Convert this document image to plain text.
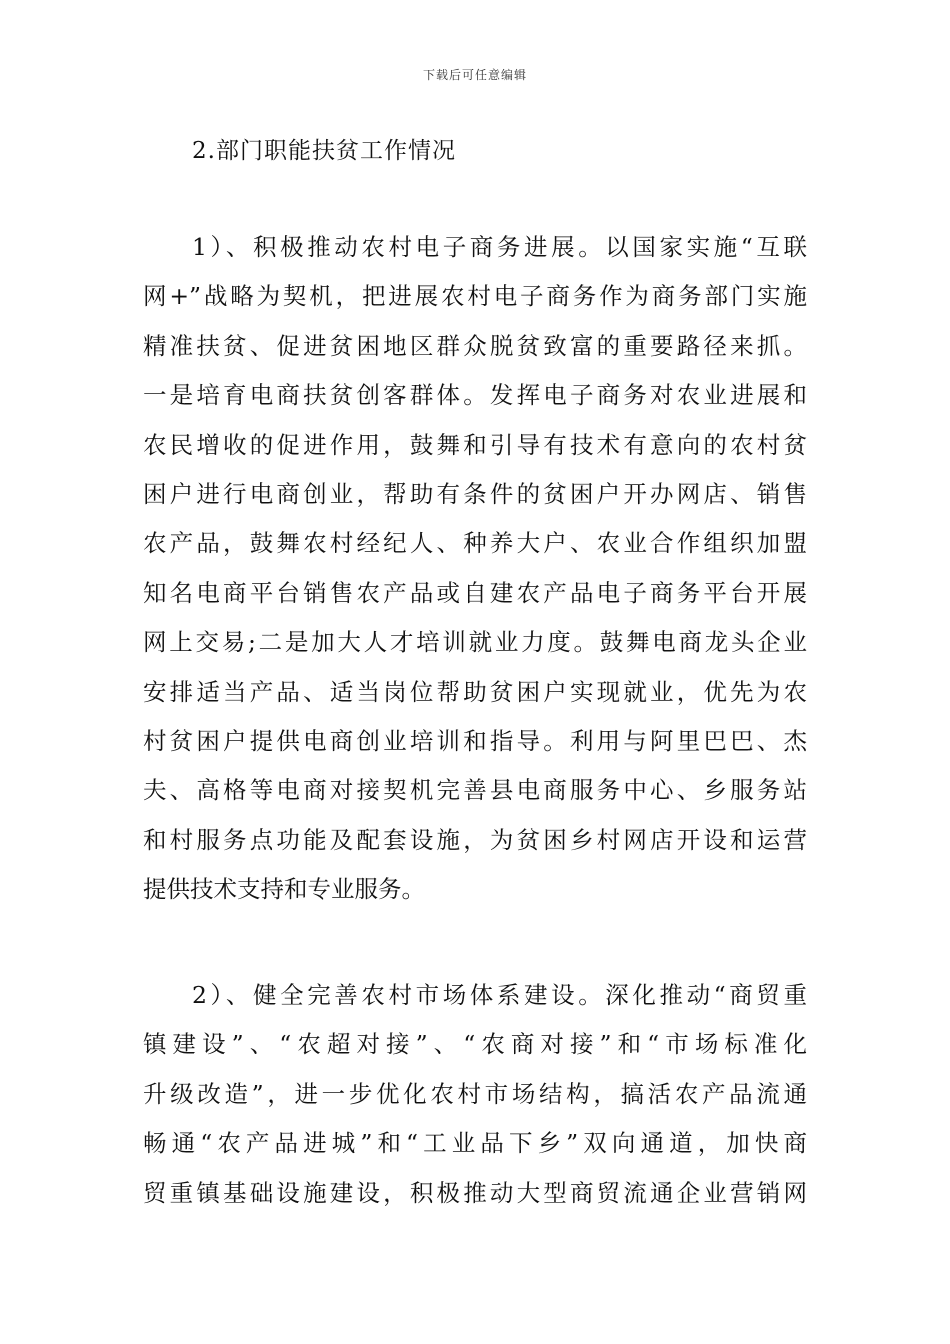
下载后可任意编辑
2.部门职能扶贫工作情况
1）、积极推动农村电子商务进展。以国家实施“互联
网+”战略为契机，把进展农村电子商务作为商务部门实施
精准扶贫、促进贫困地区群众脱贫致富的重要路径来抓。
一是培育电商扶贫创客群体。发挥电子商务对农业进展和
农民增收的促进作用，鼓舞和引导有技术有意向的农村贫
困户进行电商创业，帮助有条件的贫困户开办网店、销售
农产品，鼓舞农村经纪人、种养大户、农业合作组织加盟
知名电商平台销售农产品或自建农产品电子商务平台开展
网上交易;二是加大人才培训就业力度。鼓舞电商龙头企业
安排适当产品、适当岗位帮助贫困户实现就业，优先为农
村贫困户提供电商创业培训和指导。利用与阿里巴巴、杰
夫、高格等电商对接契机完善县电商服务中心、乡服务站
和村服务点功能及配套设施，为贫困乡村网店开设和运营
提供技术支持和专业服务。
2）、健全完善农村市场体系建设。深化推动“商贸重
镇建设”、“农超对接”、“农商对接”和“市场标准化
升级改造”，进一步优化农村市场结构，搞活农产品流通
畅通“农产品进城”和“工业品下乡”双向通道，加快商
贸重镇基础设施建设，积极推动大型商贸流通企业营销网
